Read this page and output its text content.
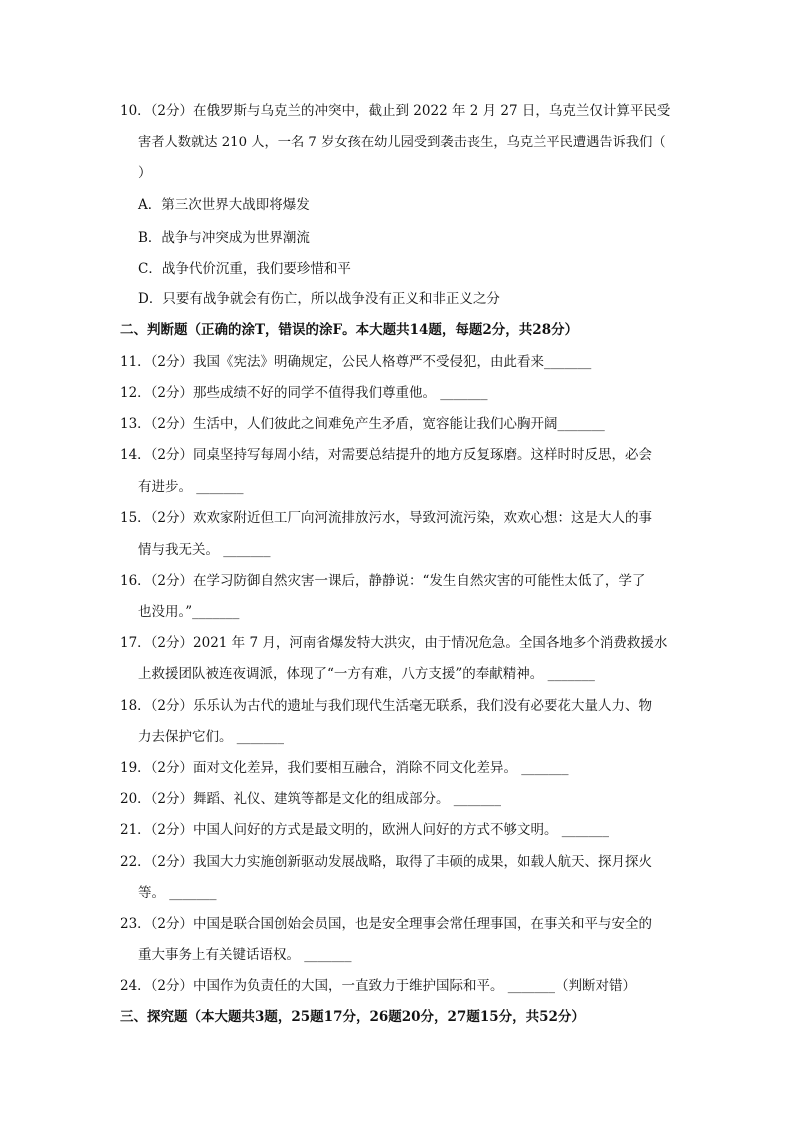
10．（2分）在俄罗斯与乌克兰的冲突中，截止到 2022 年 2 月 27 日，乌克兰仅计算平民受
害者人数就达 210 人，一名 7 岁女孩在幼儿园受到袭击丧生，乌克兰平民遭遇告诉我们（
）
A．第三次世界大战即将爆发
B．战争与冲突成为世界潮流
C．战争代价沉重，我们要珍惜和平
D．只要有战争就会有伤亡，所以战争没有正义和非正义之分
二、判断题（正确的涂T，错误的涂F。本大题共14题，每题2分，共28分）
11．（2分）我国《宪法》明确规定，公民人格尊严不受侵犯，由此看来_______
12．（2分）那些成绩不好的同学不值得我们尊重他。 _______
13．（2分）生活中，人们彼此之间难免产生矛盾，宽容能让我们心胸开阔_______
14．（2分）同桌坚持写每周小结，对需要总结提升的地方反复琢磨。这样时时反思，必会
有进步。 _______
15．（2分）欢欢家附近但工厂向河流排放污水，导致河流污染，欢欢心想：这是大人的事
情与我无关。 _______
16．（2分）在学习防御自然灾害一课后，静静说：“发生自然灾害的可能性太低了，学了
也没用。”_______
17．（2分）2021 年 7 月，河南省爆发特大洪灾，由于情况危急。全国各地多个消费救援水
上救援团队被连夜调派，体现了“一方有难，八方支援”的奉献精神。 _______
18．（2分）乐乐认为古代的遗址与我们现代生活毫无联系，我们没有必要花大量人力、物
力去保护它们。 _______
19．（2分）面对文化差异，我们要相互融合，消除不同文化差异。 _______
20．（2分）舞蹈、礼仪、建筑等都是文化的组成部分。 _______
21．（2分）中国人问好的方式是最文明的，欧洲人问好的方式不够文明。 _______
22．（2分）我国大力实施创新驱动发展战略，取得了丰硕的成果，如载人航天、探月探火
等。 _______
23．（2分）中国是联合国创始会员国，也是安全理事会常任理事国，在事关和平与安全的
重大事务上有关键话语权。 _______
24．（2分）中国作为负责任的大国，一直致力于维护国际和平。 _______（判断对错）
三、探究题（本大题共3题，25题17分，26题20分，27题15分，共52分）
